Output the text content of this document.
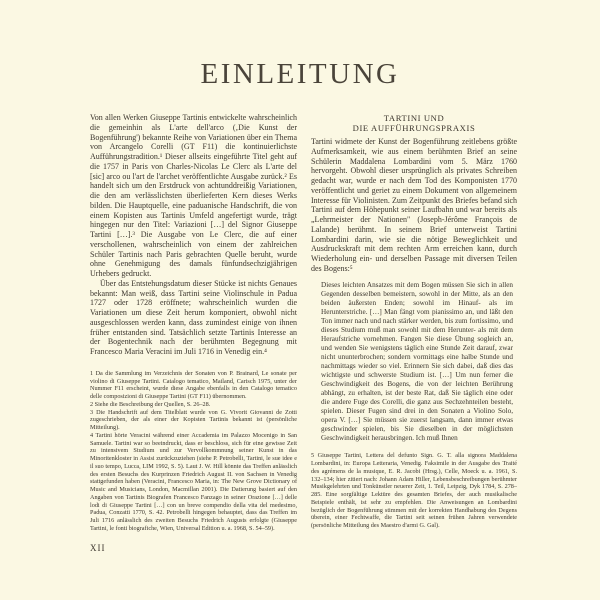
EINLEITUNG

Von allen Werken Giuseppe Tartinis entwickelte wahrscheinlich die gemeinhin als L'arte dell'arco (‚Die Kunst der Bogenführung') bekannte Reihe von Variationen über ein Thema von Arcangelo Corelli (GT F11) die kontinuierlichste Aufführungstradition.¹ Dieser allseits eingeführte Titel geht auf die 1757 in Paris von Charles-Nicolas Le Clerc als L'arte del [sic] arco ou l'art de l'archet veröffentlichte Ausgabe zurück.² Es handelt sich um den Erstdruck von achtunddreißig Variationen, die den am verlässlichsten überlieferten Kern dieses Werks bilden. Die Hauptquelle, eine paduanische Handschrift, die von einem Kopisten aus Tartinis Umfeld angefertigt wurde, trägt hingegen nur den Titel: Variazioni […] del Signor Giuseppe Tartini […].³ Die Ausgabe von Le Clerc, die auf einer verschollenen, wahrscheinlich von einem der zahlreichen Schüler Tartinis nach Paris gebrachten Quelle beruht, wurde ohne Genehmigung des damals fünfundsechzigjährigen Urhebers gedruckt.

Über das Entstehungsdatum dieser Stücke ist nichts Genaues bekannt: Man weiß, dass Tartini seine Violinschule in Padua 1727 oder 1728 eröffnete; wahrscheinlich wurden die Variationen um diese Zeit herum komponiert, obwohl nicht ausgeschlossen werden kann, dass zumindest einige von ihnen früher entstanden sind. Tatsächlich setzte Tartinis Interesse an der Bogentechnik nach der berühmten Begegnung mit Francesco Maria Veracini im Juli 1716 in Venedig ein.⁴

1 Da die Sammlung im Verzeichnis der Sonaten von P. Brainard, Le sonate per violino di Giuseppe Tartini. Catalogo tematico, Mailand, Carisch 1975, unter der Nummer F11 erscheint, wurde diese Angabe ebenfalls in den Catalogo tematico delle composizioni di Giuseppe Tartini (GT F11) übernommen.

2 Siehe die Beschreibung der Quellen, S. 26–28.

3 Die Handschrift auf dem Titelblatt wurde von G. Vivorit Giovanni de Zotti zugeschrieben, der als einer der Kopisten Tartinis bekannt ist (persönliche Mitteilung).

4 Tartini hörte Veracini während einer Accademia im Palazzo Mocenigo in San Samuele. Tartini war so beeindruckt, dass er beschloss, sich für eine gewisse Zeit zu intensivem Studium und zur Vervollkommnung seiner Kunst in das Minoritenkloster in Assisi zurückzuziehen (siehe P. Petrobelli, Tartini, le sue idee e il suo tempo, Lucca, LIM 1992, S. 5). Laut J. W. Hill könnte das Treffen anlässlich des ersten Besuchs des Kurprinzen Friedrich August II. von Sachsen in Venedig stattgefunden haben (Veracini, Francesco Maria, in: The New Grove Dictionary of Music and Musicians, London, Macmillan 2001). Die Datierung basiert auf den Angaben von Tartinis Biografen Francesco Fanzago in seiner Orazione […] delle lodi di Giuseppe Tartini […] con un breve compendio della vita del medesimo, Padua, Conzatti 1770, S. 42. Petrobelli hingegen behauptet, dass das Treffen im Juli 1716 anlässlich des zweiten Besuchs Friedrich Augusts erfolgte (Giuseppe Tartini, le fonti biografiche, Wien, Universal Edition u. a. 1968, S. 54–59).

TARTINI UND
DIE AUFFÜHRUNGSPRAXIS

Tartini widmete der Kunst der Bogenführung zeitlebens größte Aufmerksamkeit, wie aus einem berühmten Brief an seine Schülerin Maddalena Lombardini vom 5. März 1760 hervorgeht. Obwohl dieser ursprünglich als privates Schreiben gedacht war, wurde er nach dem Tod des Komponisten 1770 veröffentlicht und geriet zu einem Dokument von allgemeinem Interesse für Violinisten. Zum Zeitpunkt des Briefes befand sich Tartini auf dem Höhepunkt seiner Laufbahn und war bereits als „Lehrmeister der Nationen" (Joseph-Jérôme François de Lalande) berühmt. In seinem Brief unterweist Tartini Lombardini darin, wie sie die nötige Beweglichkeit und Ausdruckskraft mit dem rechten Arm erreichen kann, durch Wiederholung ein- und derselben Passage mit diversen Teilen des Bogens:⁵

Dieses leichten Ansatzes mit dem Bogen müssen Sie sich in allen Gegenden desselben bemeistern, sowohl in der Mitte, als an den beiden äußersten Enden; sowohl im Hinauf- als im Herunterstriche. […] Man fängt vom pianissimo an, und läßt den Ton immer nach und nach stärker werden, bis zum fortissimo, und dieses Studium muß man sowohl mit dem Herunter- als mit dem Heraufstriche vornehmen. Fangen Sie diese Übung sogleich an, und wenden Sie wenigstens täglich eine Stunde Zeit darauf, zwar nicht ununterbrochen; sondern vormittags eine halbe Stunde und nachmittags wieder so viel. Erinnern Sie sich dabei, daß dies das wichtigste und schwerste Studium ist. […] Um nun ferner die Geschwindigkeit des Bogens, die von der leichten Berührung abhängt, zu erhalten, ist der beste Rat, daß Sie täglich eine oder die andere Fuge des Corelli, die ganz aus Sechzehnteilen besteht, spielen. Dieser Fugen sind drei in den Sonaten a Violino Solo, opera V. […] Sie müssen sie zuerst langsam, dann immer etwas geschwinder spielen, bis Sie dieselben in der möglichsten Geschwindigkeit herausbringen. Ich muß Ihnen

5 Giuseppe Tartini, Lettera del defunto Sign. G. T. alla signora Maddalena Lombardini, in: Europa Letteraria, Venedig. Faksimile in der Ausgabe des Traité des agrémens de la musique, E. R. Jacobi (Hrsg.), Celle, Moeck u. a. 1961, S. 132–134; hier zitiert nach: Johann Adam Hiller, Lebensbeschreibungen berühmter Musikgelehrten und Tonkünstler neuerer Zeit, 1. Teil, Leipzig, Dyk 1784, S. 278–285. Eine sorgfältige Lektüre des gesamten Briefes, der auch musikalische Beispiele enthält, ist sehr zu empfehlen. Die Anweisungen an Lombardini bezüglich der Bogenführung stimmen mit der korrekten Handhabung des Degens überein, einer Fechtwaffe, die Tartini seit seinen frühen Jahren verwendete (persönliche Mitteilung des Maestro d'armi G. Gal).

XII
